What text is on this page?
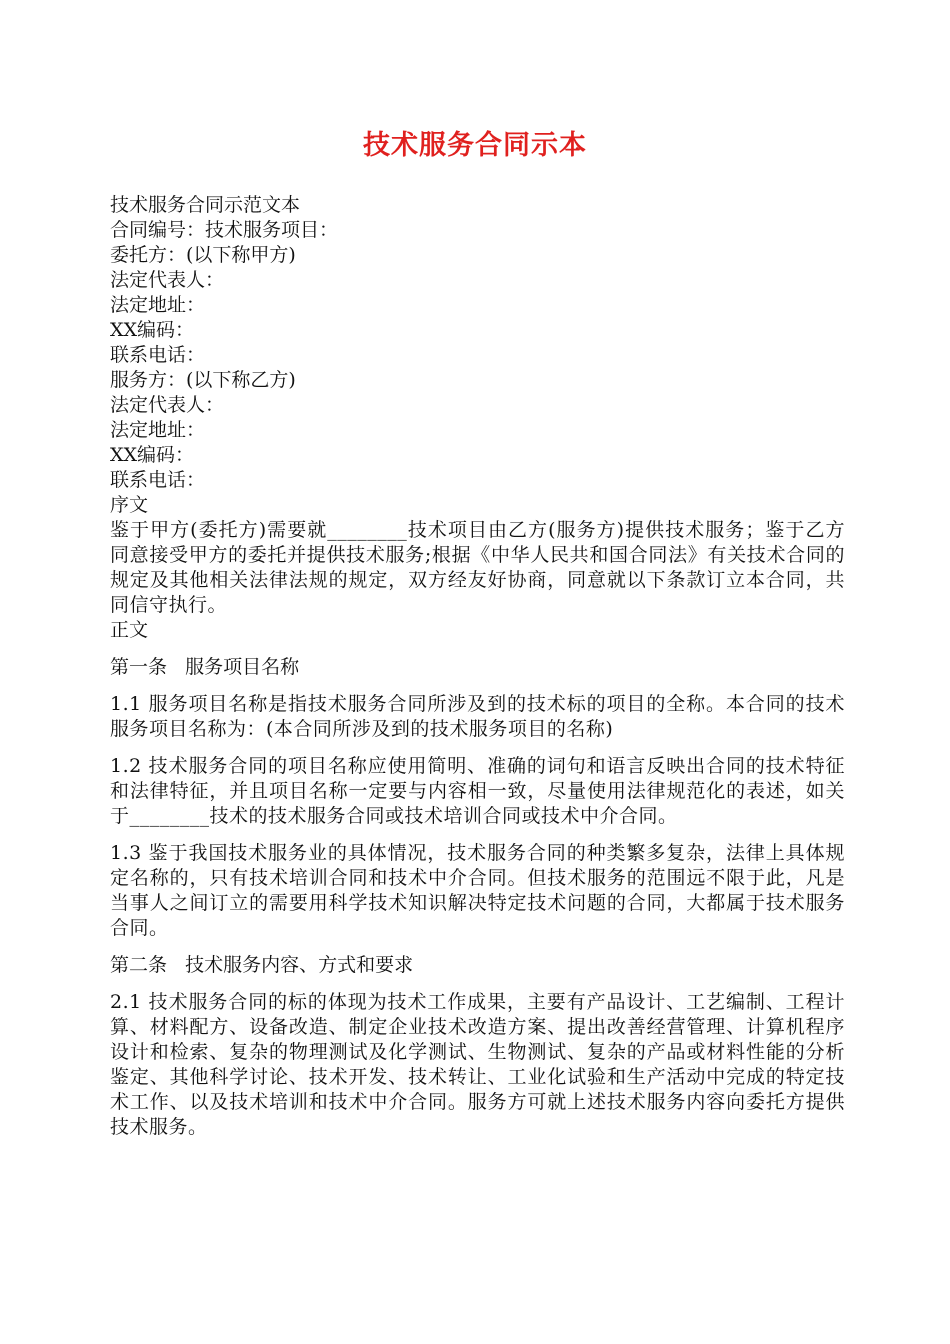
技术服务合同示本
技术服务合同示范文本
合同编号：技术服务项目：
委托方：(以下称甲方)
法定代表人：
法定地址：
XX编码：
联系电话：
服务方：(以下称乙方)
法定代表人：
法定地址：
XX编码：
联系电话：
序文
鉴于甲方(委托方)需要就________技术项目由乙方(服务方)提供技术服务；鉴于乙方同意接受甲方的委托并提供技术服务;根据《中华人民共和国合同法》有关技术合同的规定及其他相关法律法规的规定，双方经友好协商，同意就以下条款订立本合同，共同信守执行。
正文
第一条   服务项目名称
1.1 服务项目名称是指技术服务合同所涉及到的技术标的项目的全称。本合同的技术服务项目名称为：(本合同所涉及到的技术服务项目的名称)
1.2 技术服务合同的项目名称应使用简明、准确的词句和语言反映出合同的技术特征和法律特征，并且项目名称一定要与内容相一致，尽量使用法律规范化的表述，如关于________技术的技术服务合同或技术培训合同或技术中介合同。
1.3 鉴于我国技术服务业的具体情况，技术服务合同的种类繁多复杂，法律上具体规定名称的，只有技术培训合同和技术中介合同。但技术服务的范围远不限于此，凡是当事人之间订立的需要用科学技术知识解决特定技术问题的合同，大都属于技术服务合同。
第二条   技术服务内容、方式和要求
2.1 技术服务合同的标的体现为技术工作成果，主要有产品设计、工艺编制、工程计算、材料配方、设备改造、制定企业技术改造方案、提出改善经营管理、计算机程序设计和检索、复杂的物理测试及化学测试、生物测试、复杂的产品或材料性能的分析鉴定、其他科学讨论、技术开发、技术转让、工业化试验和生产活动中完成的特定技术工作、以及技术培训和技术中介合同。服务方可就上述技术服务内容向委托方提供技术服务。
